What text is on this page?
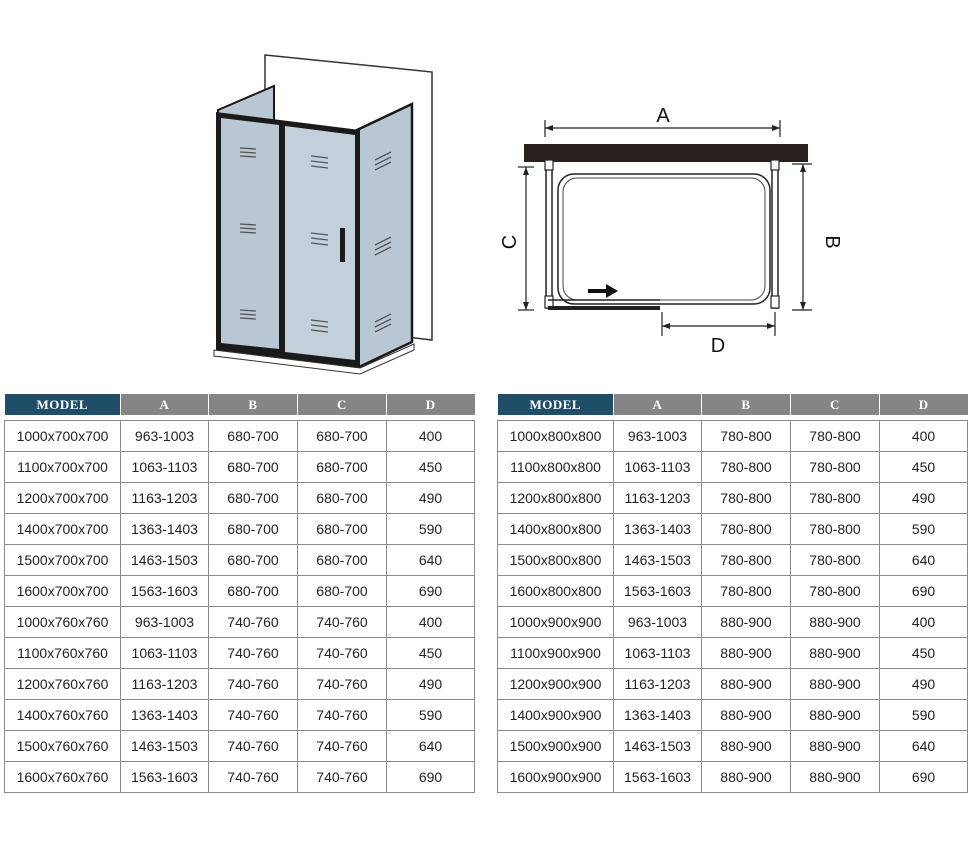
A
C	B
D
MODEL	A	B	C	D

1000x700x700	963-1003	680-700	680-700	400
1100x700x700	1063-1103	680-700	680-700	450
1200x700x700	1163-1203	680-700	680-700	490
1400x700x700	1363-1403	680-700	680-700	590
1500x700x700	1463-1503	680-700	680-700	640
1600x700x700	1563-1603	680-700	680-700	690
1000x760x760	963-1003	740-760	740-760	400
1100x760x760	1063-1103	740-760	740-760	450
1200x760x760	1163-1203	740-760	740-760	490
1400x760x760	1363-1403	740-760	740-760	590
1500x760x760	1463-1503	740-760	740-760	640
1600x760x760	1563-1603	740-760	740-760	690
MODEL	A	B	C	D

1000x800x800	963-1003	780-800	780-800	400
1100x800x800	1063-1103	780-800	780-800	450
1200x800x800	1163-1203	780-800	780-800	490
1400x800x800	1363-1403	780-800	780-800	590
1500x800x800	1463-1503	780-800	780-800	640
1600x800x800	1563-1603	780-800	780-800	690
1000x900x900	963-1003	880-900	880-900	400
1100x900x900	1063-1103	880-900	880-900	450
1200x900x900	1163-1203	880-900	880-900	490
1400x900x900	1363-1403	880-900	880-900	590
1500x900x900	1463-1503	880-900	880-900	640
1600x900x900	1563-1603	880-900	880-900	690
